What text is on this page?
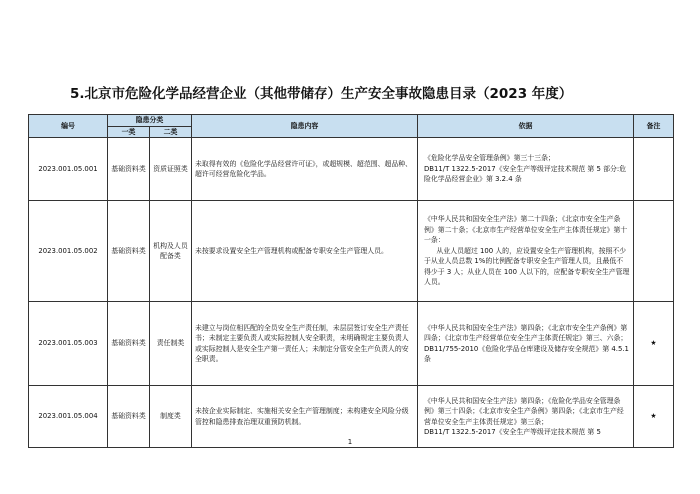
5.北京市危险化学品经营企业（其他带储存）生产安全事故隐患目录（2023 年度）
编号	隐患分类		隐患内容	依据	备注
	一类	二类			
2023.001.05.001	基础资料类	资质证照类	未取得有效的《危险化学品经营许可证》，或超规模、超范围、超品种、超许可经营危险化学品。	《危险化学品安全管理条例》第三十三条；
DB11/T 1322.5-2017《安全生产等级评定技术规范 第 5 部分:危险化学品经营企业》第 3.2.4 条	

2023.001.05.002	基础资料类	机构及人员配备类	未按要求设置安全生产管理机构或配备专职安全生产管理人员。	《中华人民共和国安全生产法》第二十四条；《北京市安全生产条例》第二十条；《北京市生产经营单位安全生产主体责任规定》第十一条：
从业人员超过 100 人的，应设置安全生产管理机构，按照不少于从业人员总数 1%的比例配备专职安全生产管理人员，且最低不得少于 3 人；从业人员在 100 人以下的，应配备专职安全生产管理人员。	

2023.001.05.003	基础资料类	责任制类	未建立与岗位相匹配的全员安全生产责任制，未层层签订安全生产责任书；未制定主要负责人或实际控制人安全职责，未明确规定主要负责人或实际控制人是安全生产第一责任人；未制定分管安全生产负责人的安全职责。	《中华人民共和国安全生产法》第四条；《北京市安全生产条例》第四条；《北京市生产经营单位安全生产主体责任规定》第三、六条；
DB11/755-2010《危险化学品仓库建设及储存安全规范》第 4.5.1 条	★
2023.001.05.004	基础资料类	制度类	未按企业实际制定、实施相关安全生产管理制度；未构建安全风险分级管控和隐患排查治理双重预防机制。	《中华人民共和国安全生产法》第四条；《危险化学品安全管理条例》第三十四条；《北京市安全生产条例》第四条；《北京市生产经营单位安全生产主体责任规定》第三条；
DB11/T 1322.5-2017《安全生产等级评定技术规范 第 5	★
1
